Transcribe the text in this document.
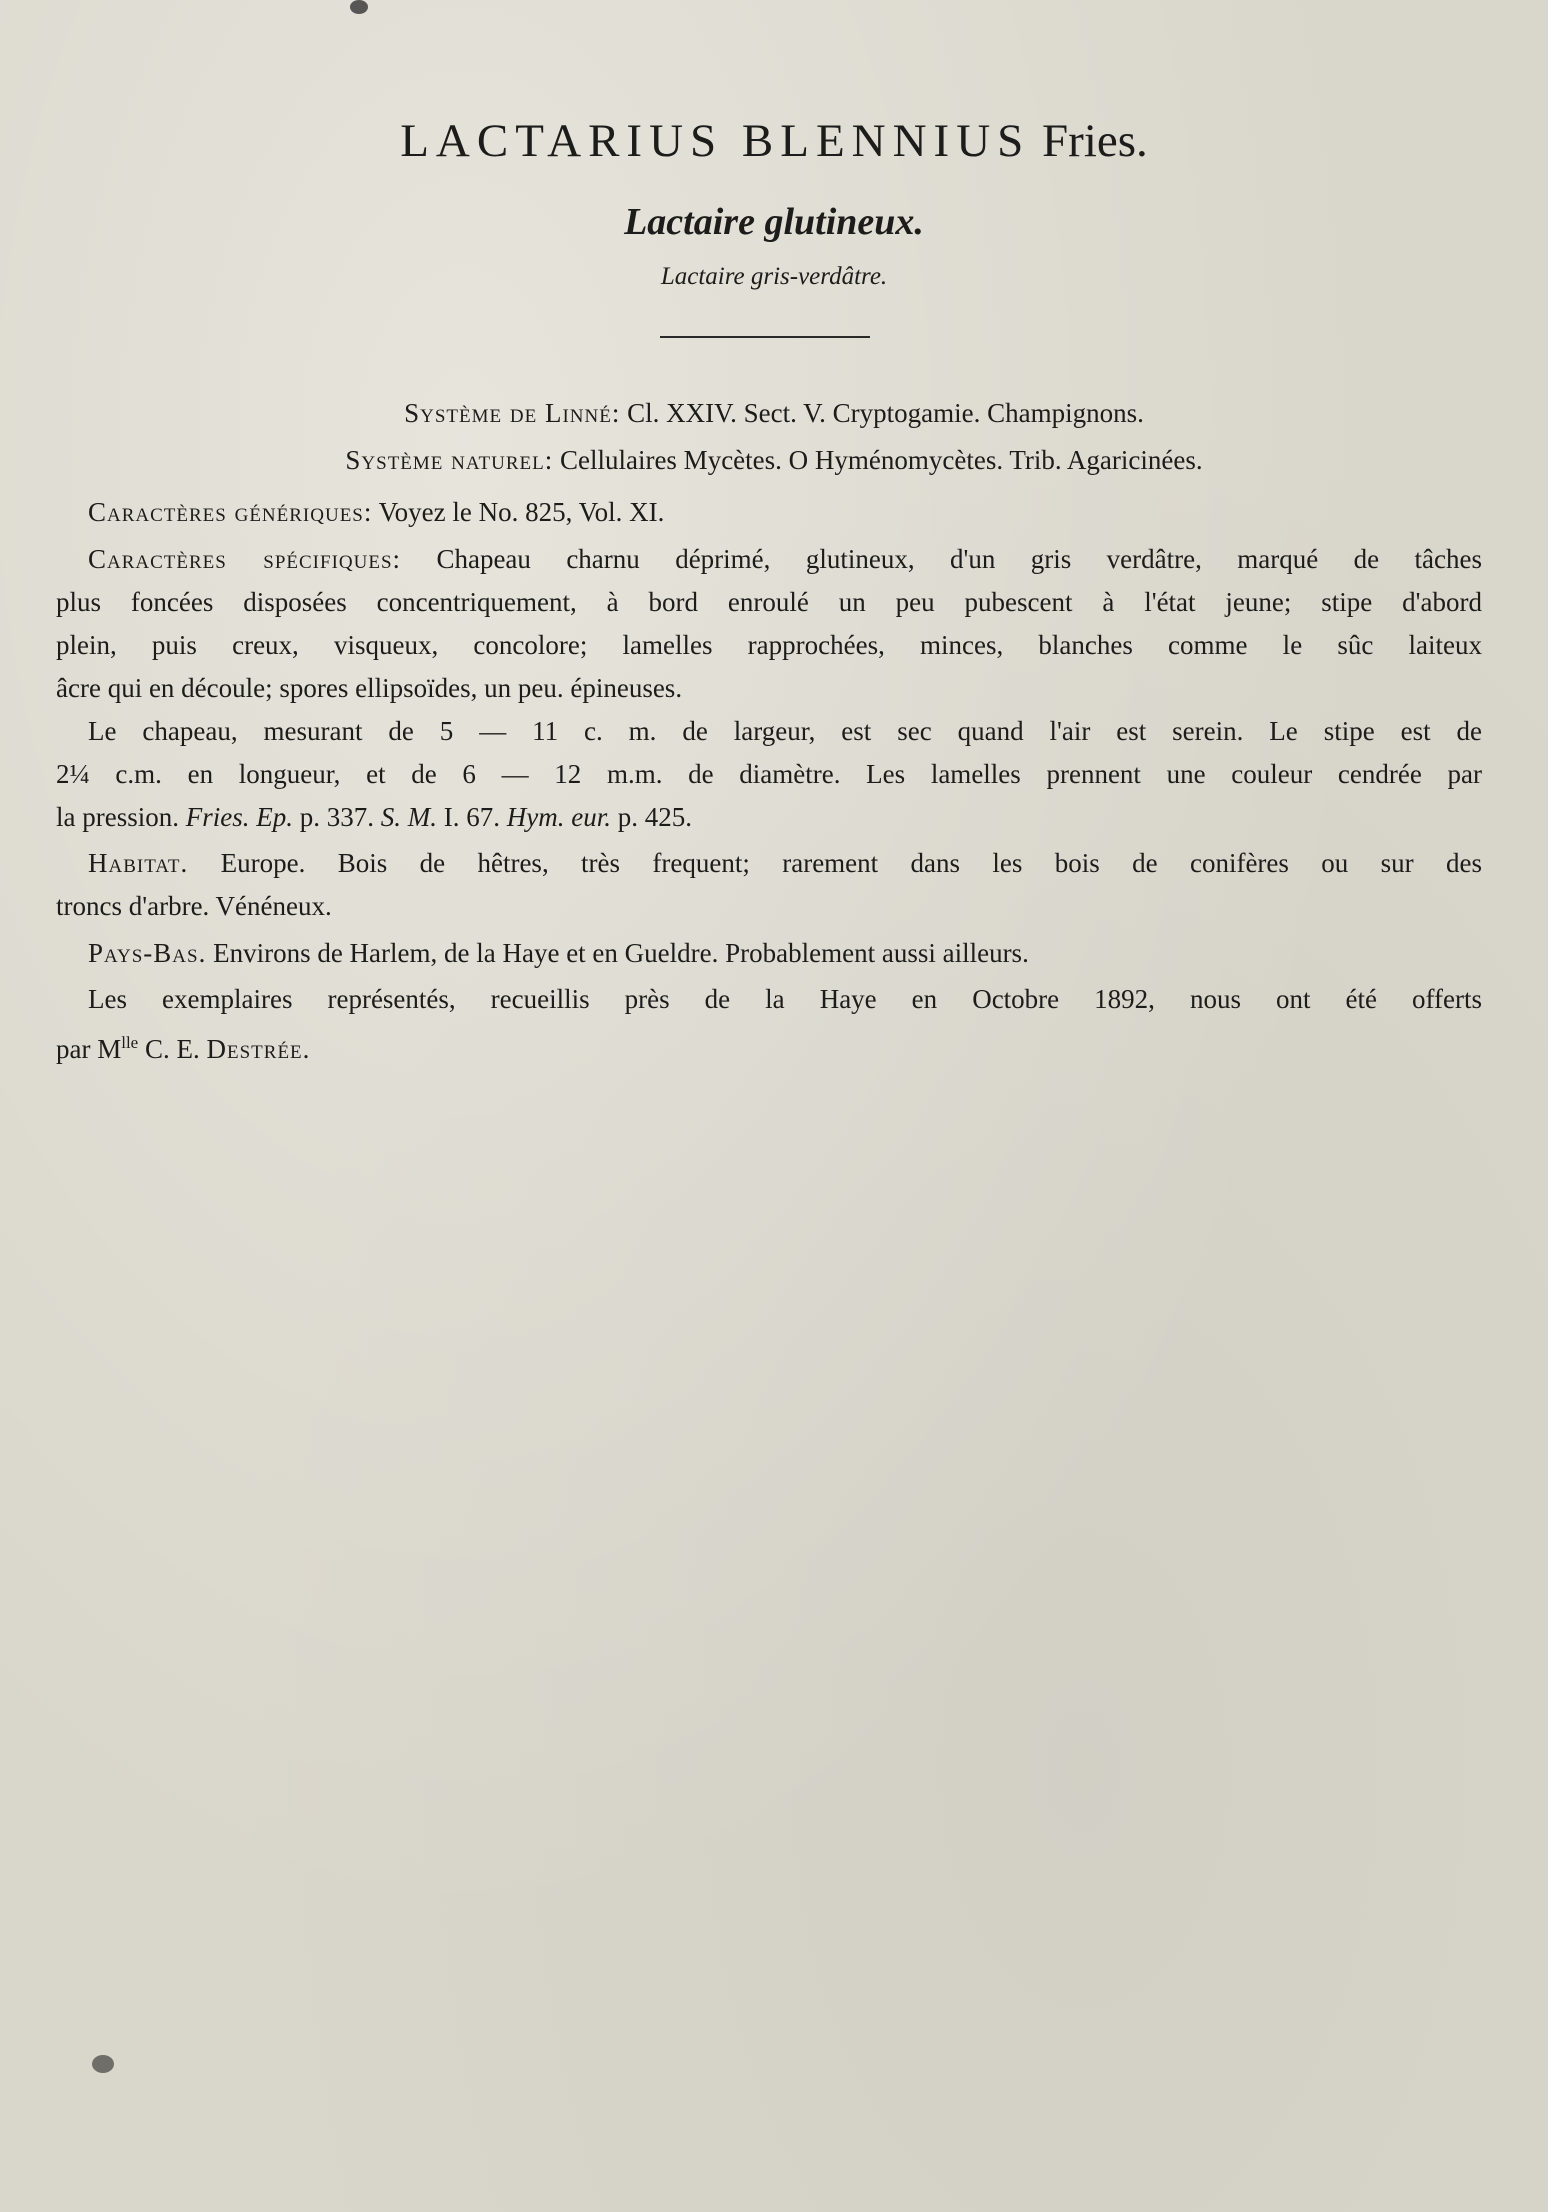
LACTARIUS BLENNIUS Fries.
Lactaire glutineux.
Lactaire gris-verdâtre.
Système de Linné: Cl. XXIV. Sect. V. Cryptogamie. Champignons.
Système naturel: Cellulaires Mycètes. O Hyménomycètes. Trib. Agaricinées.
Caractères génériques: Voyez le No. 825, Vol. XI.
Caractères spécifiques: Chapeau charnu déprimé, glutineux, d'un gris verdâtre, marqué de tâches
plus foncées disposées concentriquement, à bord enroulé un peu pubescent à l'état jeune; stipe d'abord
plein, puis creux, visqueux, concolore; lamelles rapprochées, minces, blanches comme le sûc laiteux
âcre qui en découle; spores ellipsoïdes, un peu. épineuses.
Le chapeau, mesurant de 5 — 11 c. m. de largeur, est sec quand l'air est serein. Le stipe est de
2¼ c.m. en longueur, et de 6 — 12 m.m. de diamètre. Les lamelles prennent une couleur cendrée par
la pression. Fries. Ep. p. 337. S. M. I. 67. Hym. eur. p. 425.
Habitat. Europe. Bois de hêtres, très frequent; rarement dans les bois de conifères ou sur des
troncs d'arbre. Vénéneux.
Pays-Bas. Environs de Harlem, de la Haye et en Gueldre. Probablement aussi ailleurs.
Les exemplaires représentés, recueillis près de la Haye en Octobre 1892, nous ont été offerts
par $M^{lle}$ C. E. Destrée.
